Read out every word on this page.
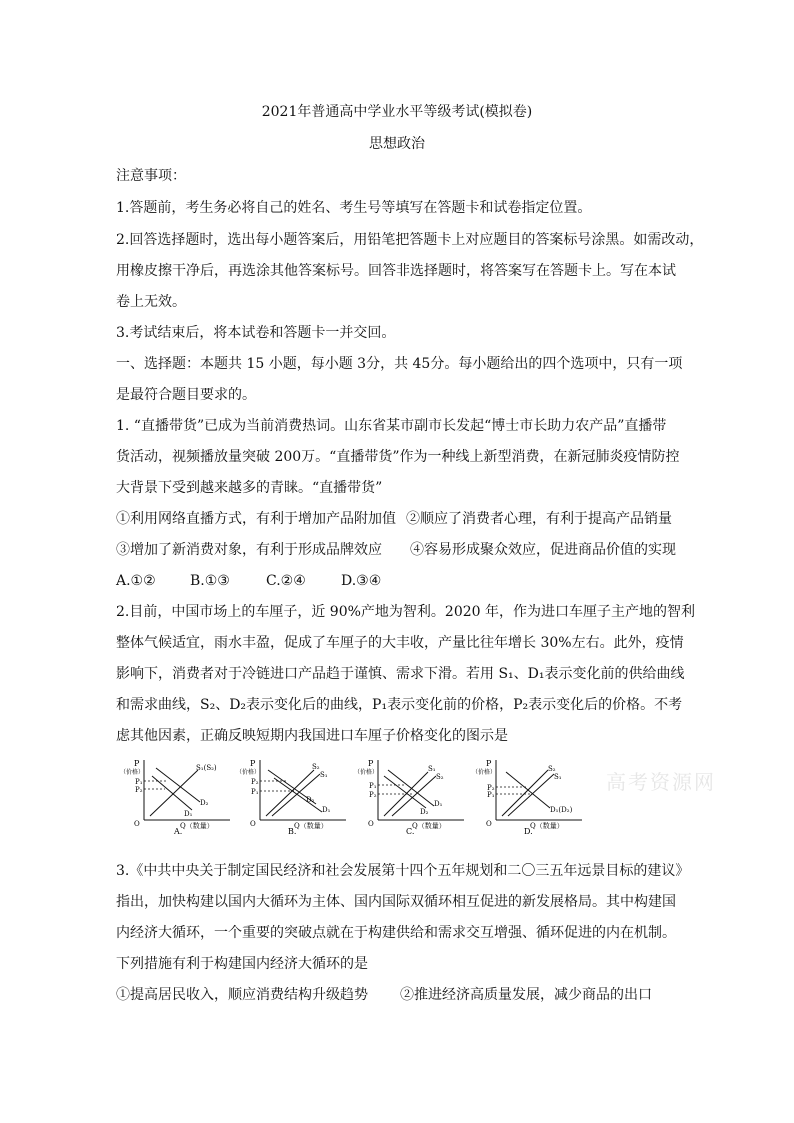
2021年普通高中学业水平等级考试(模拟卷)
思想政治
注意事项：
1.答题前，考生务必将自己的姓名、考生号等填写在答题卡和试卷指定位置。
2.回答选择题时，选出每小题答案后，用铅笔把答题卡上对应题目的答案标号涂黑。如需改动，
用橡皮擦干净后，再选涂其他答案标号。回答非选择题时，将答案写在答题卡上。写在本试
卷上无效。
3.考试结束后，将本试卷和答题卡一并交回。
一、选择题：本题共 15 小题，每小题 3分，共 45分。每小题给出的四个选项中，只有一项
是最符合题目要求的。
1. “直播带货”已成为当前消费热词。山东省某市副市长发起“博士市长助力农产品”直播带
货活动，视频播放量突破 200万。“直播带货”作为一种线上新型消费，在新冠肺炎疫情防控
大背景下受到越来越多的青睐。“直播带货”
①利用网络直播方式，有利于增加产品附加值 ②顺应了消费者心理，有利于提高产品销量
③增加了新消费对象，有利于形成品牌效应 ④容易形成聚众效应，促进商品价值的实现
A.①② B.①③	C.②④	D.③④
2.目前，中国市场上的车厘子，近 90%产地为智利。2020 年，作为进口车厘子主产地的智利
整体气候适宜，雨水丰盈，促成了车厘子的大丰收，产量比往年增长 30%左右。此外，疫情
影响下，消费者对于冷链进口产品趋于谨慎、需求下滑。若用 S₁、D₁表示变化前的供给曲线
和需求曲线，S₂、D₂表示变化后的曲线，P₁表示变化前的价格，P₂表示变化后的价格。不考
虑其他因素，正确反映短期内我国进口车厘子价格变化的图示是
高考资源网
P
（价格）
P₁
P₂
S₁(S₂)
D₂
D₁
O	Q（数量）
A.
P
（价格）
P₂
P₁
S₂
S₁
D₂
D₁
O	Q（数量）
B.
P
（价格）
P₁
P₂
S₁
S₂
D₁
D₂
O	Q（数量）
C.
P
（价格）
P₂
P₁
S₂
S₁
D₁(D₂)
O	Q（数量）
D.
3.《中共中央关于制定国民经济和社会发展第十四个五年规划和二〇三五年远景目标的建议》
指出，加快构建以国内大循环为主体、国内国际双循环相互促进的新发展格局。其中构建国
内经济大循环，一个重要的突破点就在于构建供给和需求交互增强、循环促进的内在机制。
下列措施有利于构建国内经济大循环的是
①提高居民收入，顺应消费结构升级趋势 ②推进经济高质量发展，减少商品的出口
